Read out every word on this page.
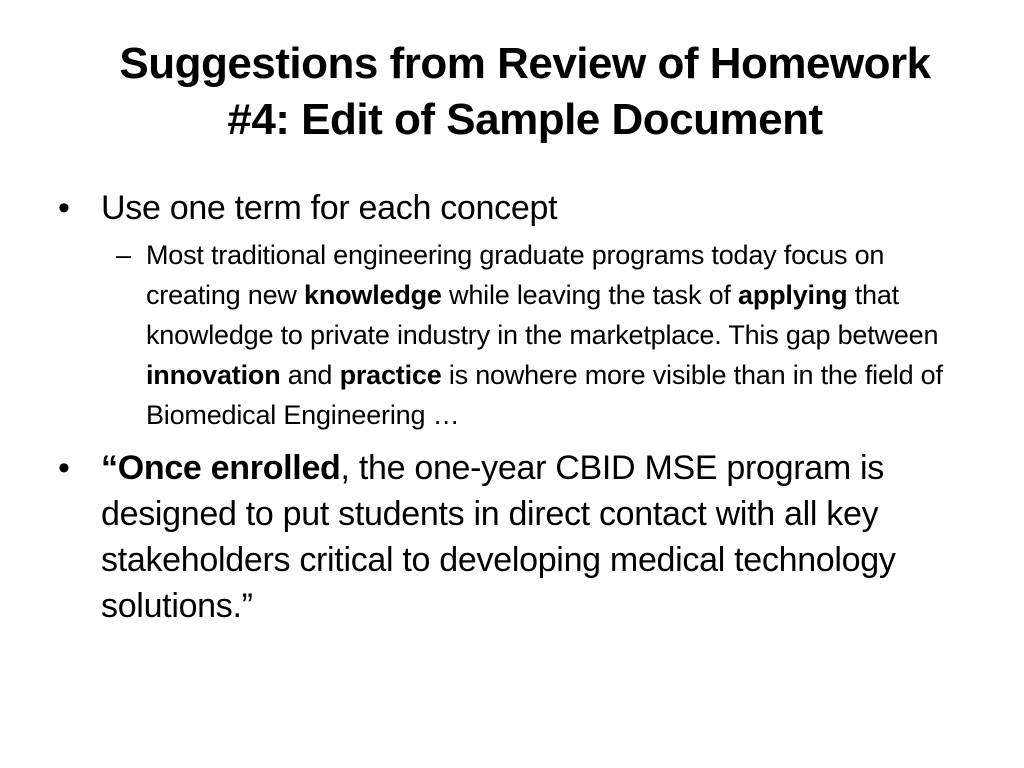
Suggestions from Review of Homework
#4: Edit of Sample Document
• Use one term for each concept
– Most traditional engineering graduate programs today focus on creating new knowledge while leaving the task of applying that knowledge to private industry in the marketplace. This gap between innovation and practice is nowhere more visible than in the field of Biomedical Engineering …
• “Once enrolled, the one-year CBID MSE program is designed to put students in direct contact with all key stakeholders critical to developing medical technology solutions.”
